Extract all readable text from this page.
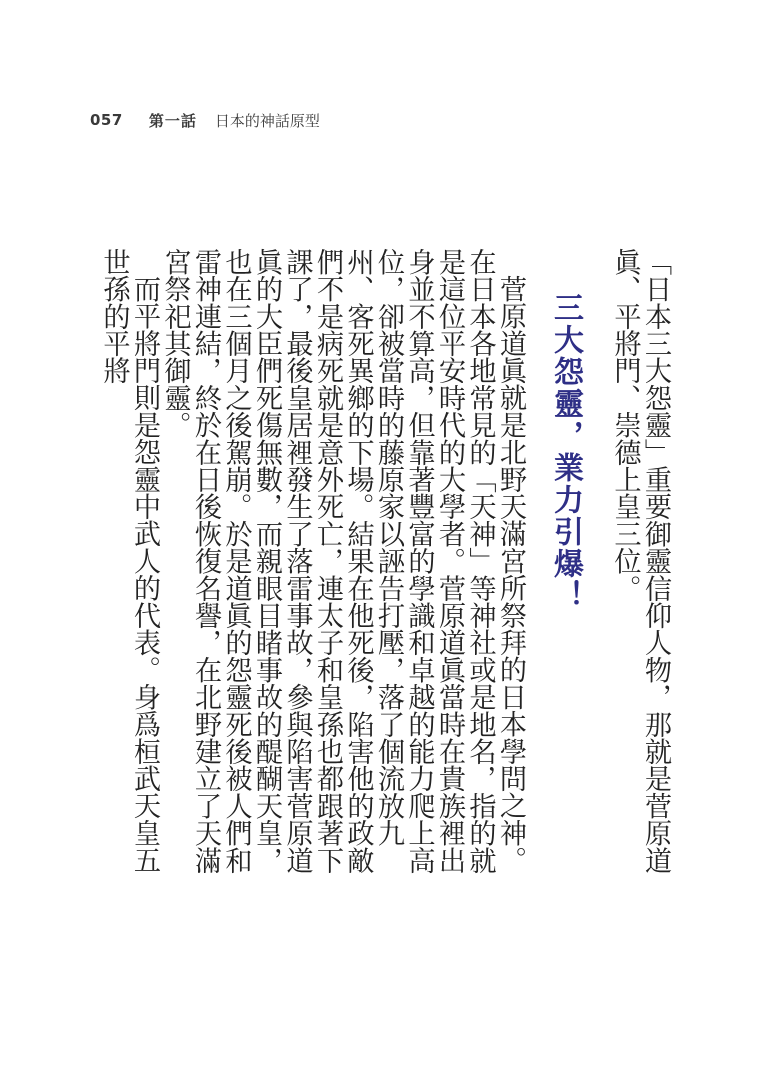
057 第一話 日本的神話原型

「日本三大怨靈」重要御靈信仰人物，那就是菅原道眞、平將門、崇德上皇三位。

三大怨靈，業力引爆！

菅原道眞就是北野天滿宮所祭拜的日本學問之神。在日本各地常見的「天神」等神社或是地名，指的就是這位平安時代的大學者。菅原道眞當時在貴族裡出身並不算高，但靠著豐富的學識和卓越的能力爬上高位，卻被當時的藤原家以誣告打壓，落了個流放九州、客死異鄉的下場。結果在他死後，陷害他的政敵們不是病死就是意外死亡，連太子和皇孫也都跟著下課了，最後皇居裡發生了落雷事故，參與陷害菅原道眞的大臣們死傷無數，而親眼目睹事故的醍醐天皇，也在三個月之後駕崩。於是道眞的怨靈死後被人們和雷神連結，終於在日後恢復名譽，在北野建立了天滿宮祭祀其御靈。

而平將門則是怨靈中武人的代表。身爲桓武天皇五世孫的平將
